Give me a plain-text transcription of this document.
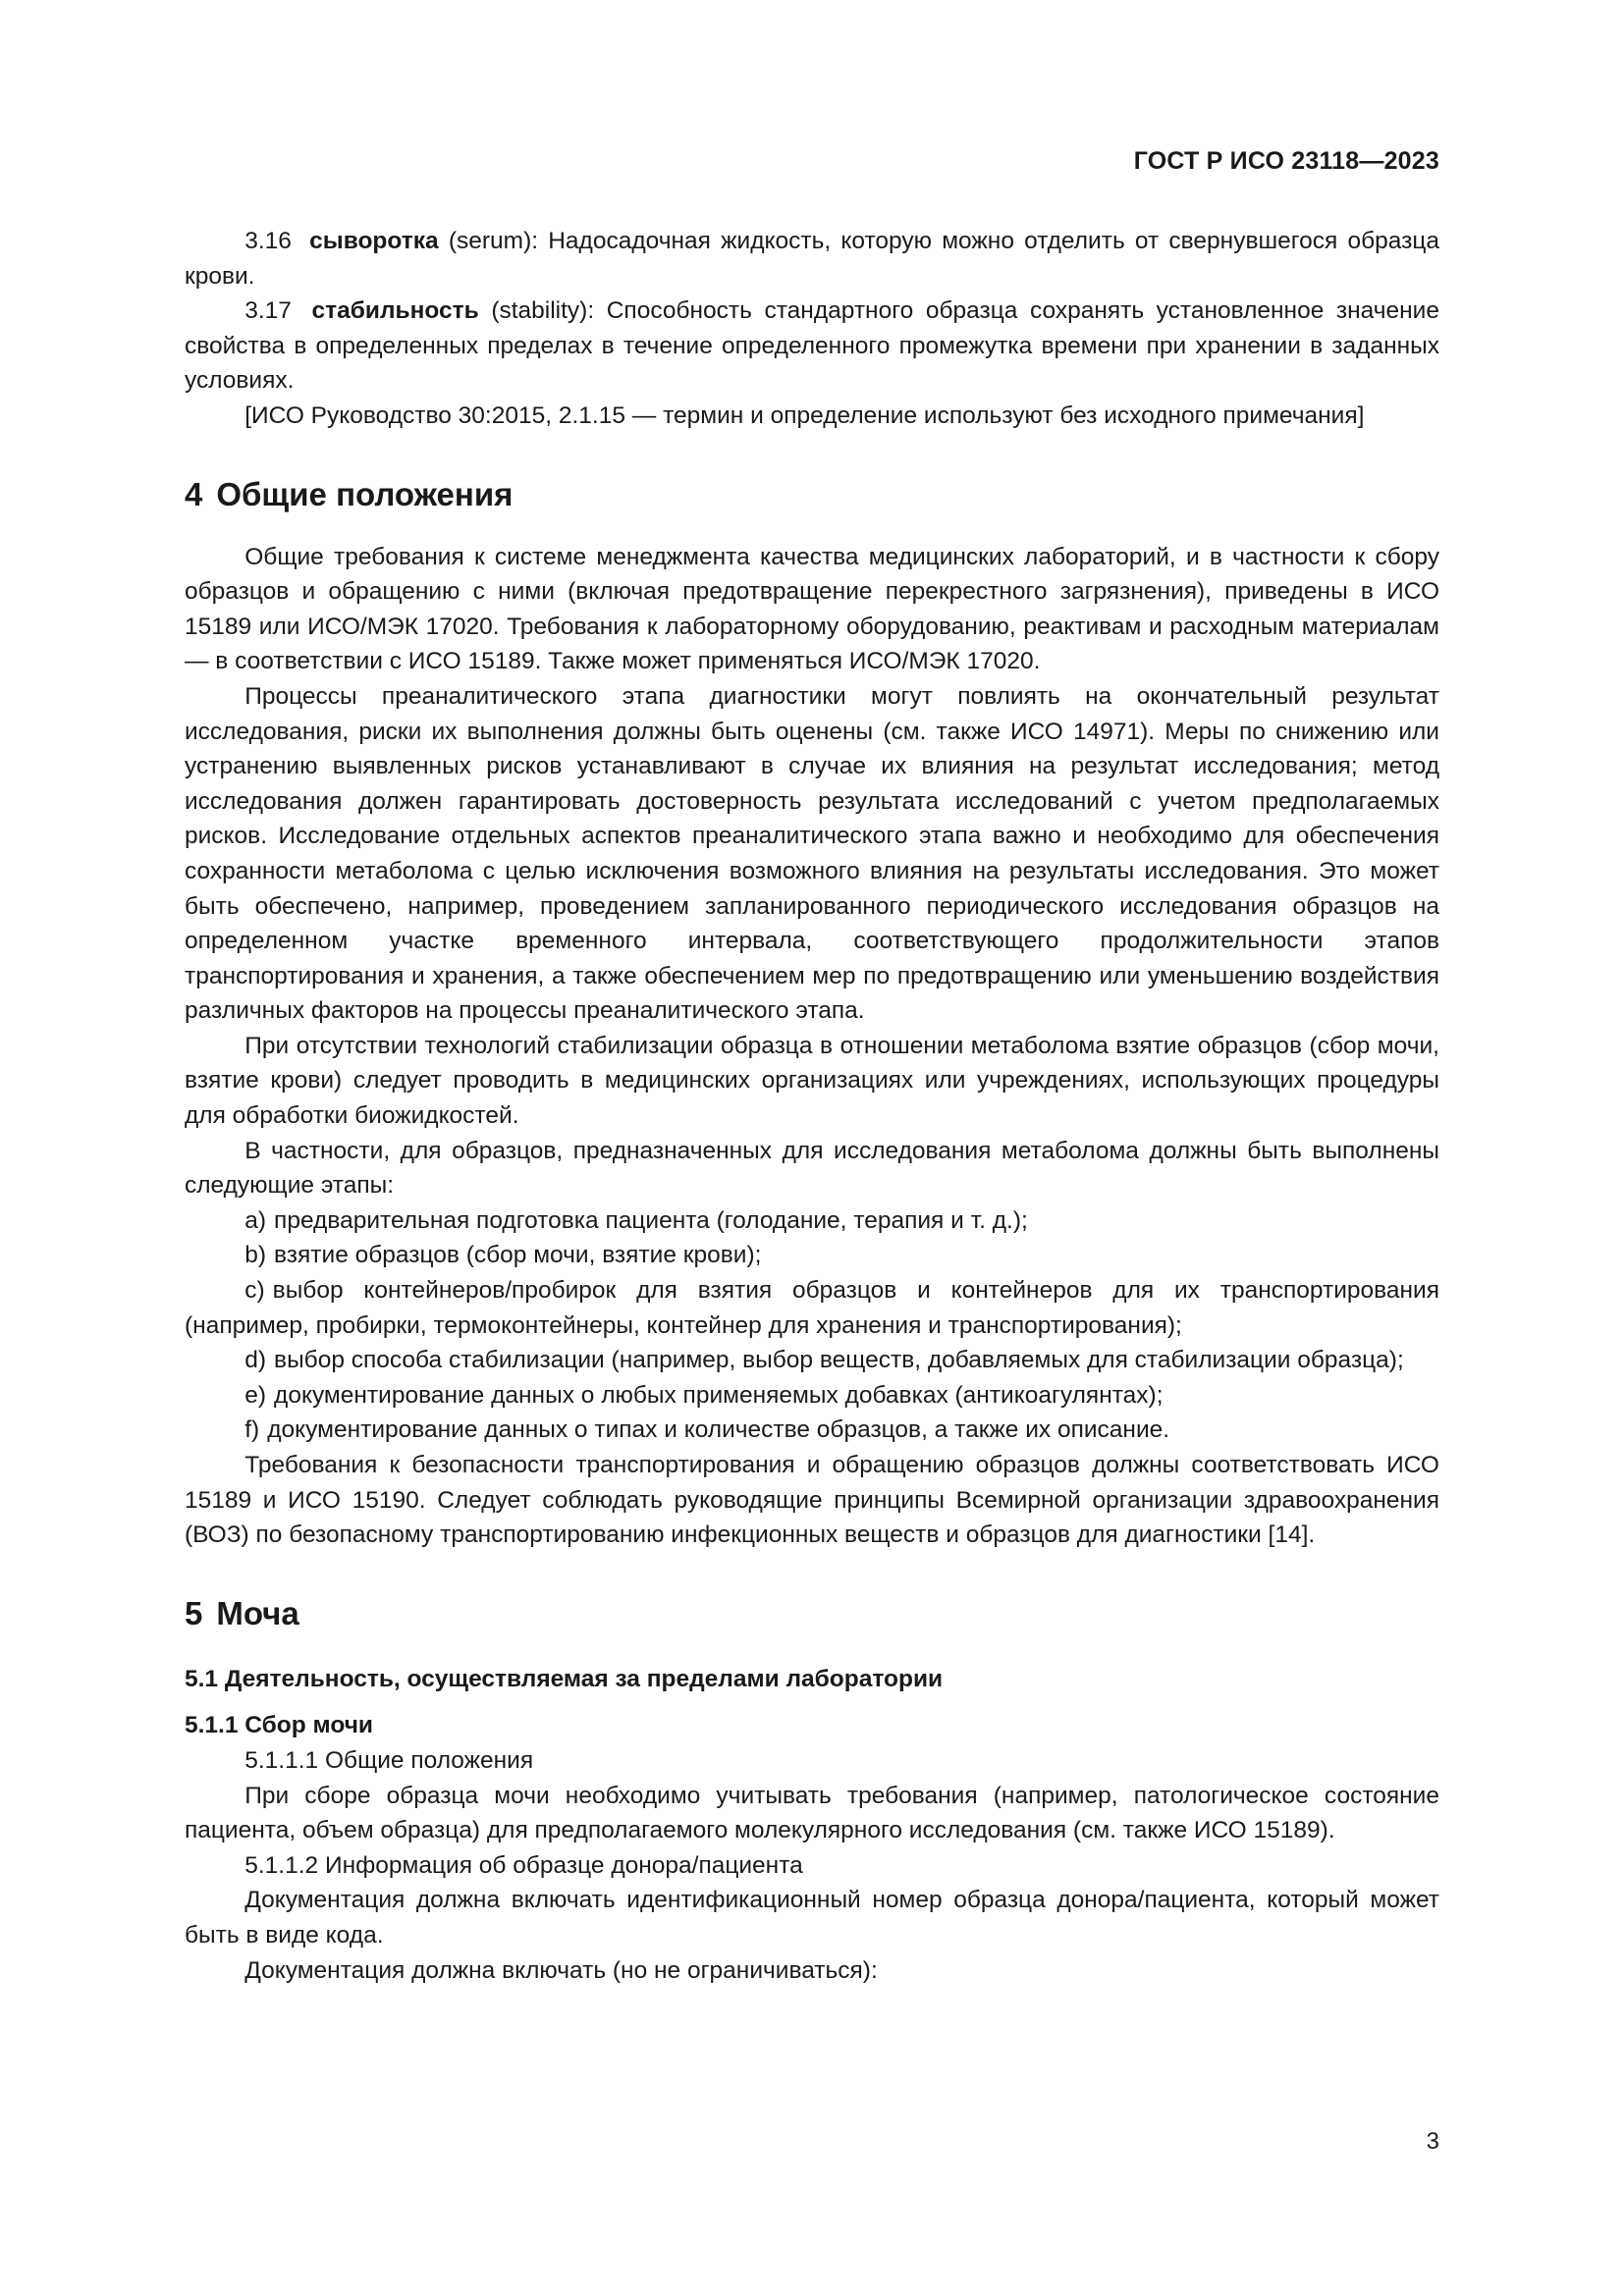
ГОСТ Р ИСО 23118—2023

3.16 сыворотка (serum): Надосадочная жидкость, которую можно отделить от свернувшегося образца крови.

3.17 стабильность (stability): Способность стандартного образца сохранять установленное значение свойства в определенных пределах в течение определенного промежутка времени при хранении в заданных условиях.

[ИСО Руководство 30:2015, 2.1.15 — термин и определение используют без исходного примечания]

4 Общие положения

Общие требования к системе менеджмента качества медицинских лабораторий, и в частности к сбору образцов и обращению с ними (включая предотвращение перекрестного загрязнения), приведены в ИСО 15189 или ИСО/МЭК 17020. Требования к лабораторному оборудованию, реактивам и расходным материалам — в соответствии с ИСО 15189. Также может применяться ИСО/МЭК 17020.

Процессы преаналитического этапа диагностики могут повлиять на окончательный результат исследования, риски их выполнения должны быть оценены (см. также ИСО 14971). Меры по снижению или устранению выявленных рисков устанавливают в случае их влияния на результат исследования; метод исследования должен гарантировать достоверность результата исследований с учетом предполагаемых рисков. Исследование отдельных аспектов преаналитического этапа важно и необходимо для обеспечения сохранности метаболома с целью исключения возможного влияния на результаты исследования. Это может быть обеспечено, например, проведением запланированного периодического исследования образцов на определенном участке временного интервала, соответствующего продолжительности этапов транспортирования и хранения, а также обеспечением мер по предотвращению или уменьшению воздействия различных факторов на процессы преаналитического этапа.

При отсутствии технологий стабилизации образца в отношении метаболома взятие образцов (сбор мочи, взятие крови) следует проводить в медицинских организациях или учреждениях, использующих процедуры для обработки биожидкостей.

В частности, для образцов, предназначенных для исследования метаболома должны быть выполнены следующие этапы:

a) предварительная подготовка пациента (голодание, терапия и т. д.);

b) взятие образцов (сбор мочи, взятие крови);

c) выбор контейнеров/пробирок для взятия образцов и контейнеров для их транспортирования (например, пробирки, термоконтейнеры, контейнер для хранения и транспортирования);

d) выбор способа стабилизации (например, выбор веществ, добавляемых для стабилизации образца);

e) документирование данных о любых применяемых добавках (антикоагулянтах);

f) документирование данных о типах и количестве образцов, а также их описание.

Требования к безопасности транспортирования и обращению образцов должны соответствовать ИСО 15189 и ИСО 15190. Следует соблюдать руководящие принципы Всемирной организации здравоохранения (ВОЗ) по безопасному транспортированию инфекционных веществ и образцов для диагностики [14].

5 Моча
5.1 Деятельность, осуществляемая за пределами лаборатории
5.1.1 Сбор мочи

5.1.1.1 Общие положения

При сборе образца мочи необходимо учитывать требования (например, патологическое состояние пациента, объем образца) для предполагаемого молекулярного исследования (см. также ИСО 15189).

5.1.1.2 Информация об образце донора/пациента

Документация должна включать идентификационный номер образца донора/пациента, который может быть в виде кода.

Документация должна включать (но не ограничиваться):

3
